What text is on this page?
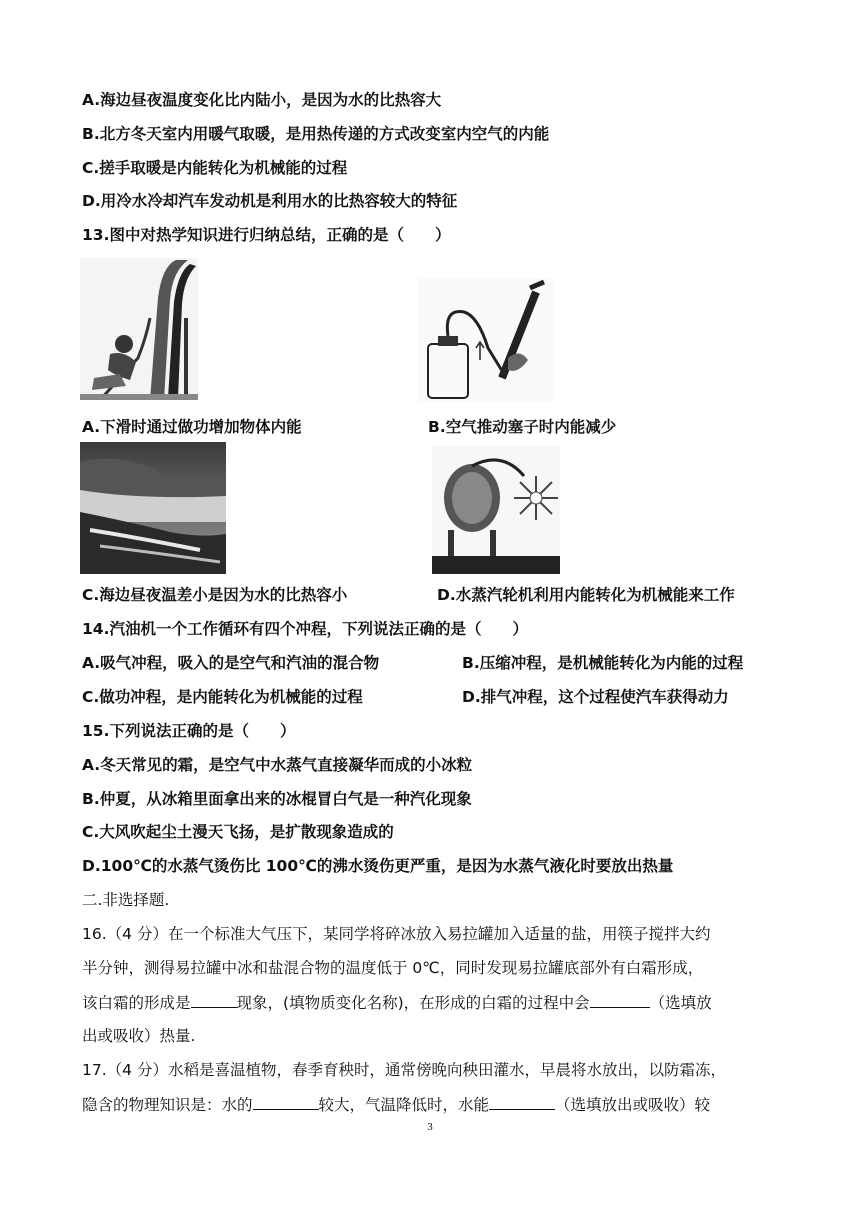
A.海边昼夜温度变化比内陆小，是因为水的比热容大
B.北方冬天室内用暖气取暖，是用热传递的方式改变室内空气的内能
C.搓手取暖是内能转化为机械能的过程
D.用冷水冷却汽车发动机是利用水的比热容较大的特征
13.图中对热学知识进行归纳总结，正确的是（　　）
A.下滑时通过做功增加物体内能	B.空气推动塞子时内能减少
C.海边昼夜温差小是因为水的比热容小	D.水蒸汽轮机利用内能转化为机械能来工作
14.汽油机一个工作循环有四个冲程，下列说法正确的是（　　）
A.吸气冲程，吸入的是空气和汽油的混合物	B.压缩冲程，是机械能转化为内能的过程
C.做功冲程，是内能转化为机械能的过程	D.排气冲程，这个过程使汽车获得动力
15.下列说法正确的是（　　）
A.冬天常见的霜，是空气中水蒸气直接凝华而成的小冰粒
B.仲夏，从冰箱里面拿出来的冰棍冒白气是一种汽化现象
C.大风吹起尘土漫天飞扬，是扩散现象造成的
D.100℃的水蒸气烫伤比 100℃的沸水烫伤更严重，是因为水蒸气液化时要放出热量
二.非选择题.
16.（4 分）在一个标准大气压下，某同学将碎冰放入易拉罐加入适量的盐，用筷子搅拌大约
半分钟，测得易拉罐中冰和盐混合物的温度低于 0℃，同时发现易拉罐底部外有白霜形成，
该白霜的形成是	现象，(填物质变化名称)，在形成的白霜的过程中会	（选填放
出或吸收）热量.
17.（4 分）水稻是喜温植物，春季育秧时，通常傍晚向秧田灌水，早晨将水放出，以防霜冻，
隐含的物理知识是：水的	较大，气温降低时，水能	（选填放出或吸收）较
3
